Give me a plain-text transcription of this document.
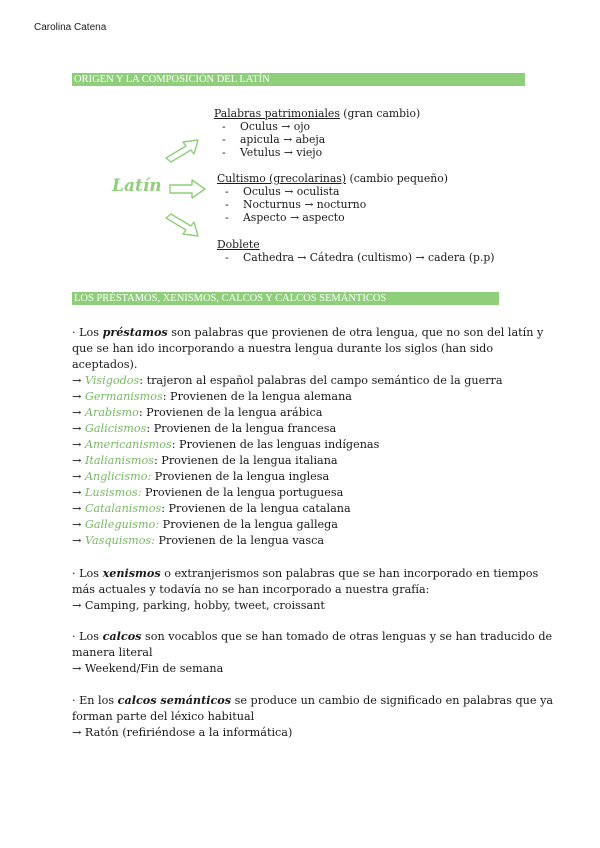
Carolina Catena
ORIGEN Y LA COMPOSICIÓN DEL LATÍN
Latín
Palabras patrimoniales (gran cambio)
- Oculus → ojo
- apicula → abeja
- Vetulus → viejo
Cultismo (grecolarinas) (cambio pequeño)
- Oculus → oculista
- Nocturnus → nocturno
- Aspecto → aspecto
Doblete
- Cathedra → Cátedra (cultismo) → cadera (p.p)
LOS PRÉSTAMOS, XENISMOS, CALCOS Y CALCOS SEMÁNTICOS
· Los préstamos son palabras que provienen de otra lengua, que no son del latín y
que se han ido incorporando a nuestra lengua durante los siglos (han sido
aceptados).
→ Visigodos: trajeron al español palabras del campo semántico de la guerra
→ Germanismos: Provienen de la lengua alemana
→ Arabismo: Provienen de la lengua arábica
→ Galicismos: Provienen de la lengua francesa
→ Americanismos: Provienen de las lenguas indígenas
→ Italianismos: Provienen de la lengua italiana
→ Anglicismo: Provienen de la lengua inglesa
→ Lusismos: Provienen de la lengua portuguesa
→ Catalanismos: Provienen de la lengua catalana
→ Galleguismo: Provienen de la lengua gallega
→ Vasquismos: Provienen de la lengua vasca
· Los xenismos o extranjerismos son palabras que se han incorporado en tiempos
más actuales y todavía no se han incorporado a nuestra grafía:
→ Camping, parking, hobby, tweet, croissant
· Los calcos son vocablos que se han tomado de otras lenguas y se han traducido de
manera literal
→ Weekend/Fin de semana
· En los calcos semánticos se produce un cambio de significado en palabras que ya
forman parte del léxico habitual
→ Ratón (refiriéndose a la informática)
